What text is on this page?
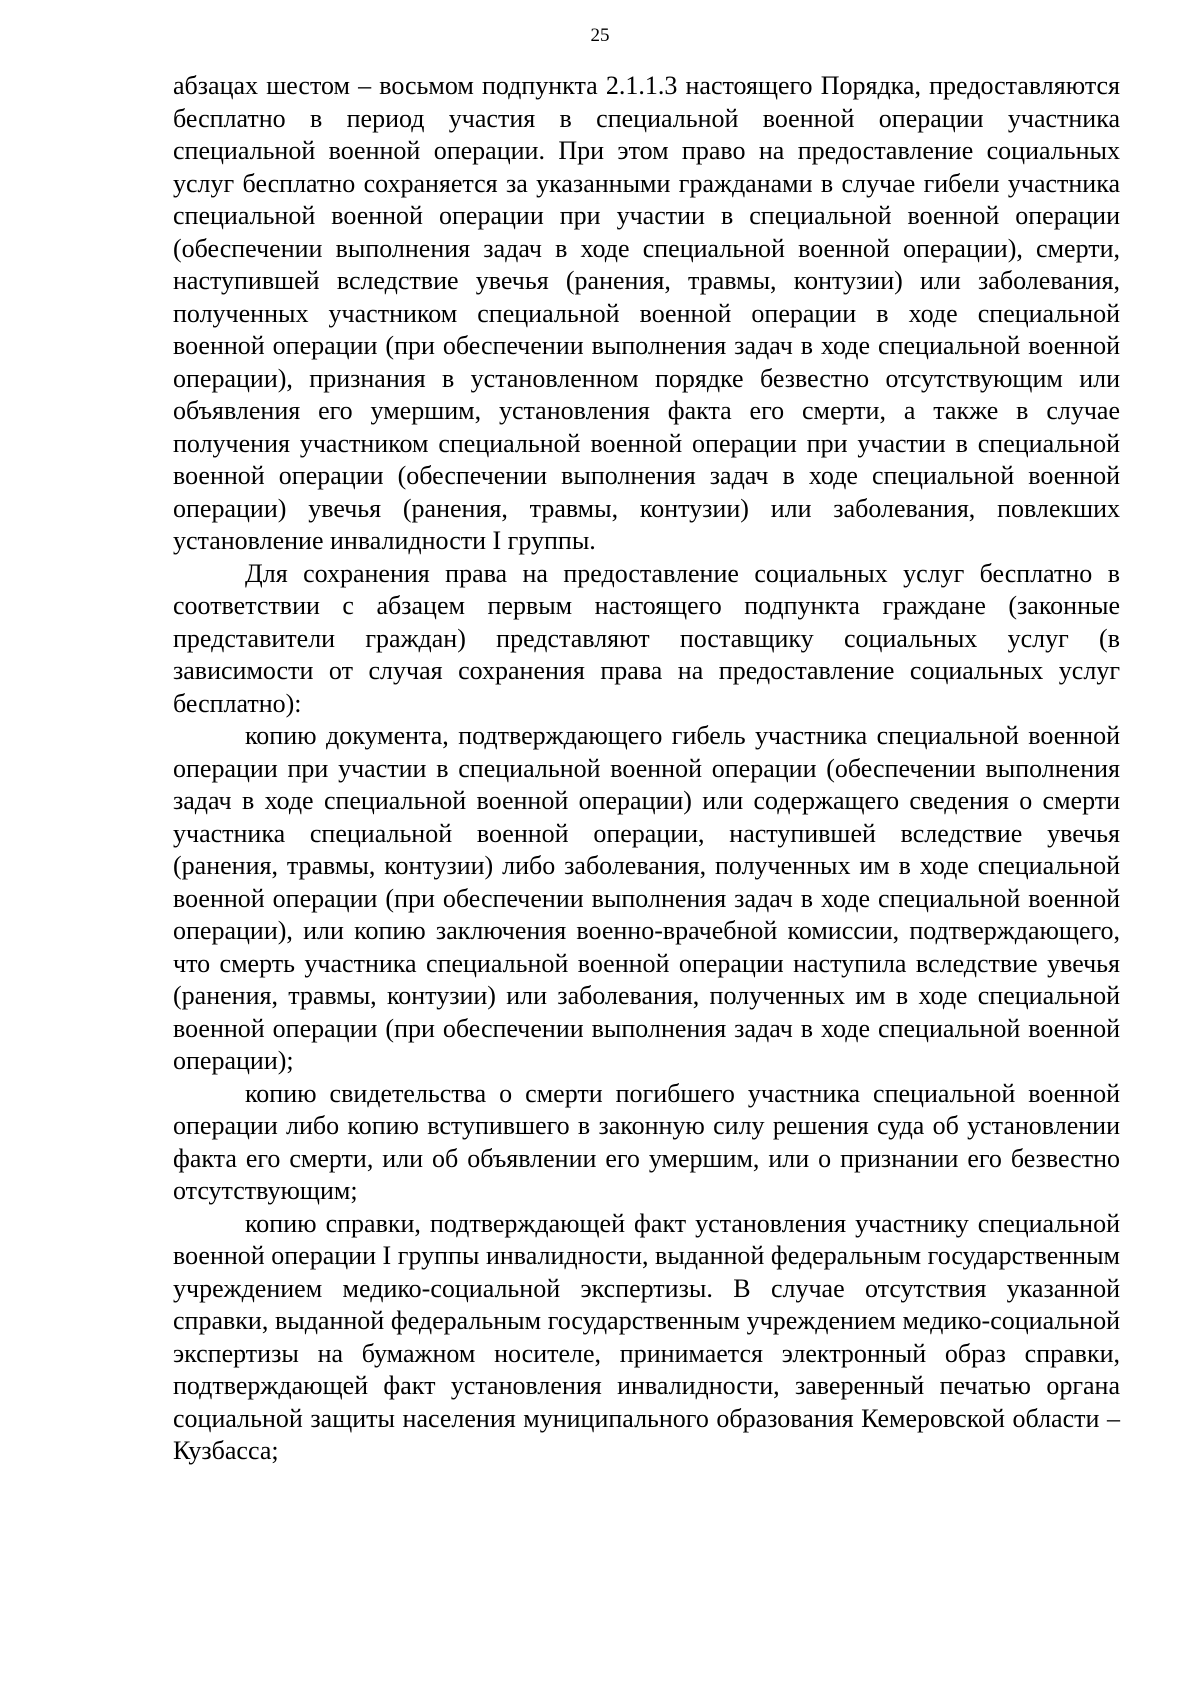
25

абзацах шестом – восьмом подпункта 2.1.1.3 настоящего Порядка, предоставляются бесплатно в период участия в специальной военной операции участника специальной военной операции. При этом право на предоставление социальных услуг бесплатно сохраняется за указанными гражданами в случае гибели участника специальной военной операции при участии в специальной военной операции (обеспечении выполнения задач в ходе специальной военной операции), смерти, наступившей вследствие увечья (ранения, травмы, контузии) или заболевания, полученных участником специальной военной операции в ходе специальной военной операции (при обеспечении выполнения задач в ходе специальной военной операции), признания в установленном порядке безвестно отсутствующим или объявления его умершим, установления факта его смерти, а также в случае получения участником специальной военной операции при участии в специальной военной операции (обеспечении выполнения задач в ходе специальной военной операции) увечья (ранения, травмы, контузии) или заболевания, повлекших установление инвалидности I группы.

Для сохранения права на предоставление социальных услуг бесплатно в соответствии с абзацем первым настоящего подпункта граждане (законные представители граждан) представляют поставщику социальных услуг (в зависимости от случая сохранения права на предоставление социальных услуг бесплатно):

копию документа, подтверждающего гибель участника специальной военной операции при участии в специальной военной операции (обеспечении выполнения задач в ходе специальной военной операции) или содержащего сведения о смерти участника специальной военной операции, наступившей вследствие увечья (ранения, травмы, контузии) либо заболевания, полученных им в ходе специальной военной операции (при обеспечении выполнения задач в ходе специальной военной операции), или копию заключения военно-врачебной комиссии, подтверждающего, что смерть участника специальной военной операции наступила вследствие увечья (ранения, травмы, контузии) или заболевания, полученных им в ходе специальной военной операции (при обеспечении выполнения задач в ходе специальной военной операции);

копию свидетельства о смерти погибшего участника специальной военной операции либо копию вступившего в законную силу решения суда об установлении факта его смерти, или об объявлении его умершим, или о признании его безвестно отсутствующим;

копию справки, подтверждающей факт установления участнику специальной военной операции I группы инвалидности, выданной федеральным государственным учреждением медико-социальной экспертизы. В случае отсутствия указанной справки, выданной федеральным государственным учреждением медико-социальной экспертизы на бумажном носителе, принимается электронный образ справки, подтверждающей факт установления инвалидности, заверенный печатью органа социальной защиты населения муниципального образования Кемеровской области – Кузбасса;
